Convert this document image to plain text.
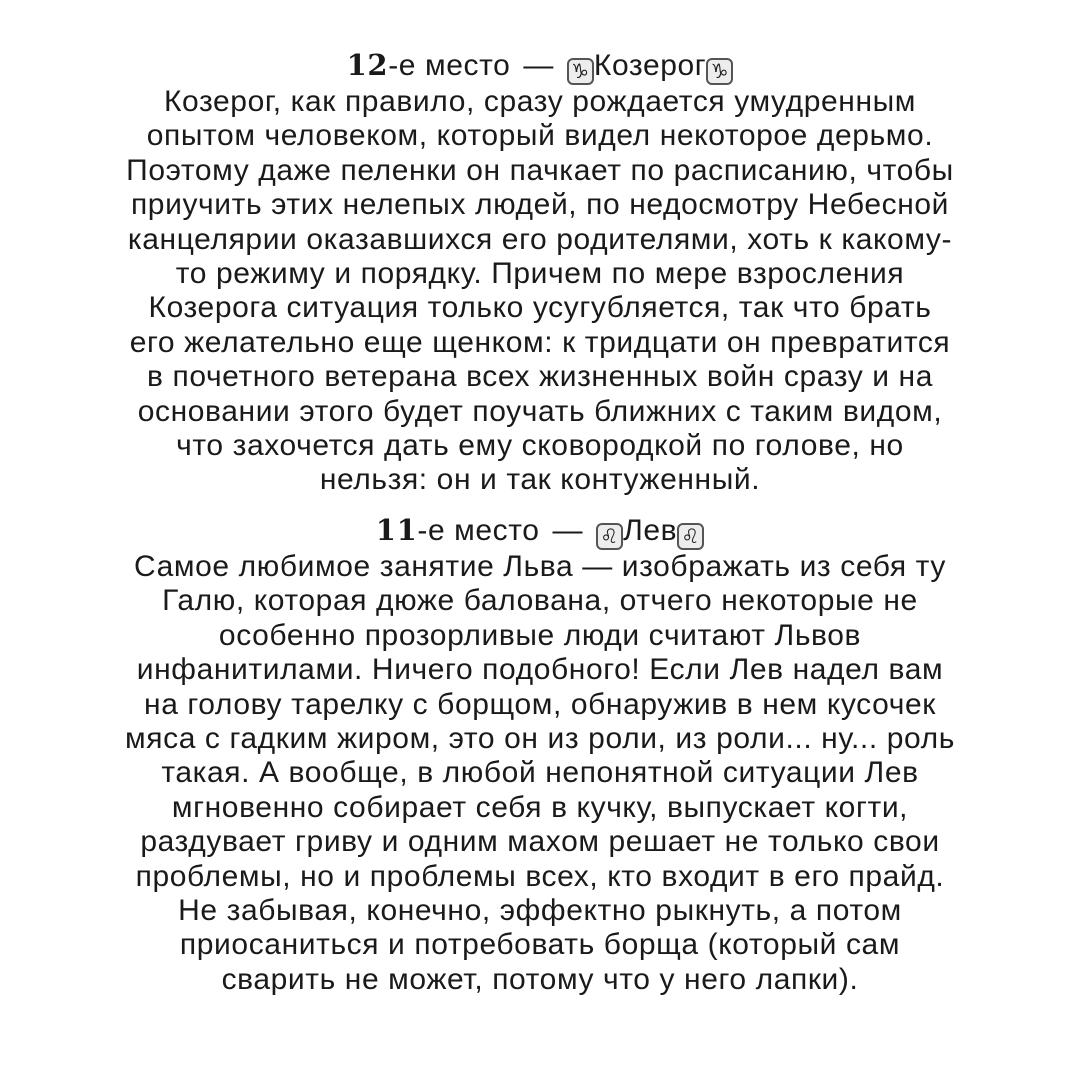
12-е место — ♑ Козерог ♑
Козерог, как правило, сразу рождается умудренным
опытом человеком, который видел некоторое дерьмо.
Поэтому даже пеленки он пачкает по расписанию, чтобы
приучить этих нелепых людей, по недосмотру Небесной
канцелярии оказавшихся его родителями, хоть к какому-
то режиму и порядку. Причем по мере взросления
Козерога ситуация только усугубляется, так что брать
его желательно еще щенком: к тридцати он превратится
в почетного ветерана всех жизненных войн сразу и на
основании этого будет поучать ближних с таким видом,
что захочется дать ему сковородкой по голове, но
нельзя: он и так контуженный.
11-е место — ♌ Лев ♌
Самое любимое занятие Льва — изображать из себя ту
Галю, которая дюже балована, отчего некоторые не
особенно прозорливые люди считают Львов
инфанитилами. Ничего подобного! Если Лев надел вам
на голову тарелку с борщом, обнаружив в нем кусочек
мяса с гадким жиром, это он из роли, из роли... ну... роль
такая. А вообще, в любой непонятной ситуации Лев
мгновенно собирает себя в кучку, выпускает когти,
раздувает гриву и одним махом решает не только свои
проблемы, но и проблемы всех, кто входит в его прайд.
Не забывая, конечно, эффектно рыкнуть, а потом
приосаниться и потребовать борща (который сам
сварить не может, потому что у него лапки).
